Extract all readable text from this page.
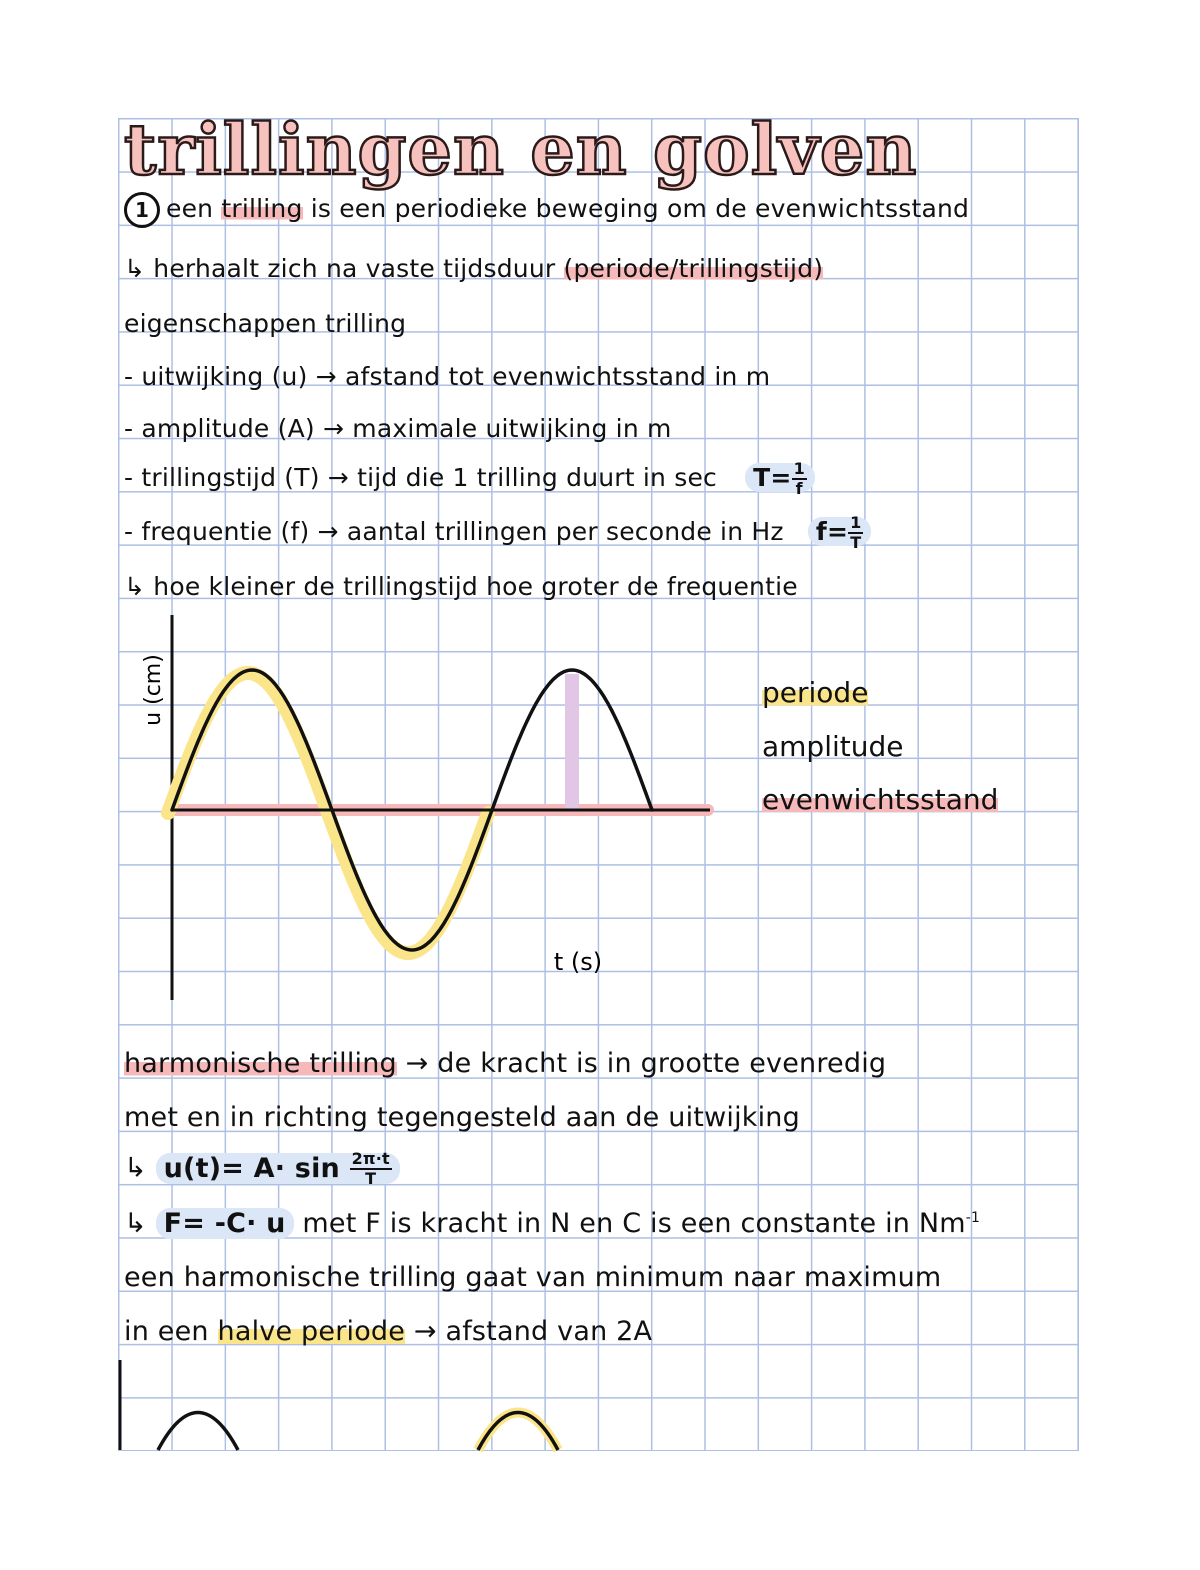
trillingen en golven
1 een trilling is een periodieke beweging om de evenwichtsstand
↳ herhaalt zich na vaste tijdsduur (periode/trillingstijd)
eigenschappen trilling
- uitwijking (u) → afstand tot evenwichtsstand in m
- amplitude (A) → maximale uitwijking in m
- trillingstijd (T) → tijd die 1 trilling duurt in $\sec T= \frac{1}{f}$
- frequentie (f) → aantal trillingen per seconde in Hz $f= \frac{1}{T}$
↳ hoe kleiner de trillingstijd hoe groter de frequentie
u (cm)
t (s)
periode
amplitude
evenwichtsstand
harmonische trilling → de kracht is in grootte evenredig
met en in richting tegengesteld aan de uitwijking
↳ $u(t)= A\cdot \sin \frac{2\pi\cdot t}{T}$
↳ F= -C· u met F is kracht in N en C is een constante in $Nm^{-1}$
een harmonische trilling gaat van minimum naar maximum
in een halve periode → afstand van 2A
